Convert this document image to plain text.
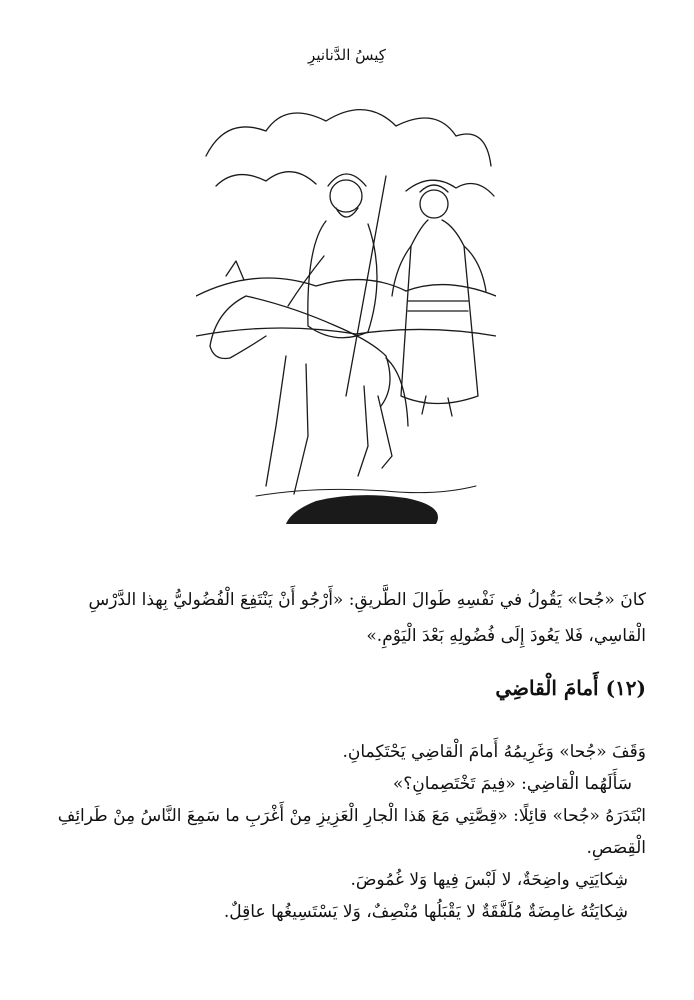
كِيسُ الدَّنانيرِ
كانَ «جُحا» يَقُولُ في نَفْسِهِ طَوالَ الطَّريقِ: «أَرْجُو أَنْ يَنْتَفِعَ الْفُضُوليُّ بِهذا الدَّرْسِ الْقاسِي، فَلا يَعُودَ إِلَى فُضُولِهِ بَعْدَ الْيَوْمِ.»
(١٢) أَمامَ الْقاضِي

وَقَفَ «جُحا» وَغَرِيمُهُ أَمامَ الْقاضِي يَحْتَكِمانِ.

سَأَلَهُما الْقاضِي: «فِيمَ تَخْتَصِمانِ؟»

ابْتَدَرَهُ «جُحا» قائِلًا: «قِصَّتِي مَعَ هَذا الْجارِ الْعَزِيزِ مِنْ أَغْرَبِ ما سَمِعَ النَّاسُ مِنْ طَرائِفِ الْقِصَصِ.

شِكايَتِي واضِحَةٌ، لا لَبْسَ فِيها وَلا غُمُوضَ.

شِكايَتُهُ غامِضَةٌ مُلَفَّقَةٌ لا يَقْبَلُها مُنْصِفٌ، وَلا يَسْتَسِيغُها عاقِلٌ.
